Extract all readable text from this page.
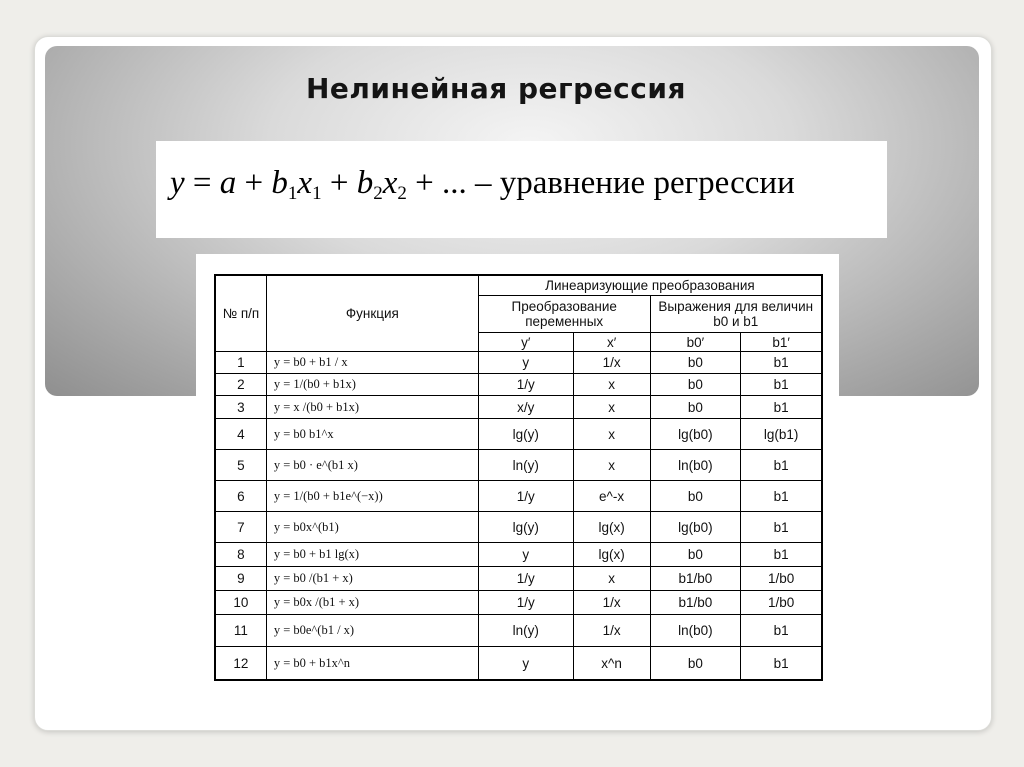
Нелинейная регрессия
$y = a + b_1x_1 + b_2x_2$ + ... – уравнение регрессии
№ п/п	Функция	Линеаризующие преобразования			
		Преобразование переменных		Выражения для величин b0 и b1	
		y′	x′	b0′	b1′
1	y = b0 + b1 / x	y	1/x	b0	b1
2	y = 1/(b0 + b1x)	1/y	x	b0	b1
3	y = x /(b0 + b1x)	x/y	x	b0	b1
4	y = b0 b1^x	lg(y)	x	lg(b0)	lg(b1)
5	y = b0 · e^(b1 x)	ln(y)	x	ln(b0)	b1
6	y = 1/(b0 + b1e^(−x))	1/y	e^-x	b0	b1
7	y = b0x^(b1)	lg(y)	lg(x)	lg(b0)	b1
8	y = b0 + b1 lg(x)	y	lg(x)	b0	b1
9	y = b0 /(b1 + x)	1/y	x	b1/b0	1/b0
10	y = b0x /(b1 + x)	1/y	1/x	b1/b0	1/b0
11	y = b0e^(b1 / x)	ln(y)	1/x	ln(b0)	b1
12	y = b0 + b1x^n	y	x^n	b0	b1
